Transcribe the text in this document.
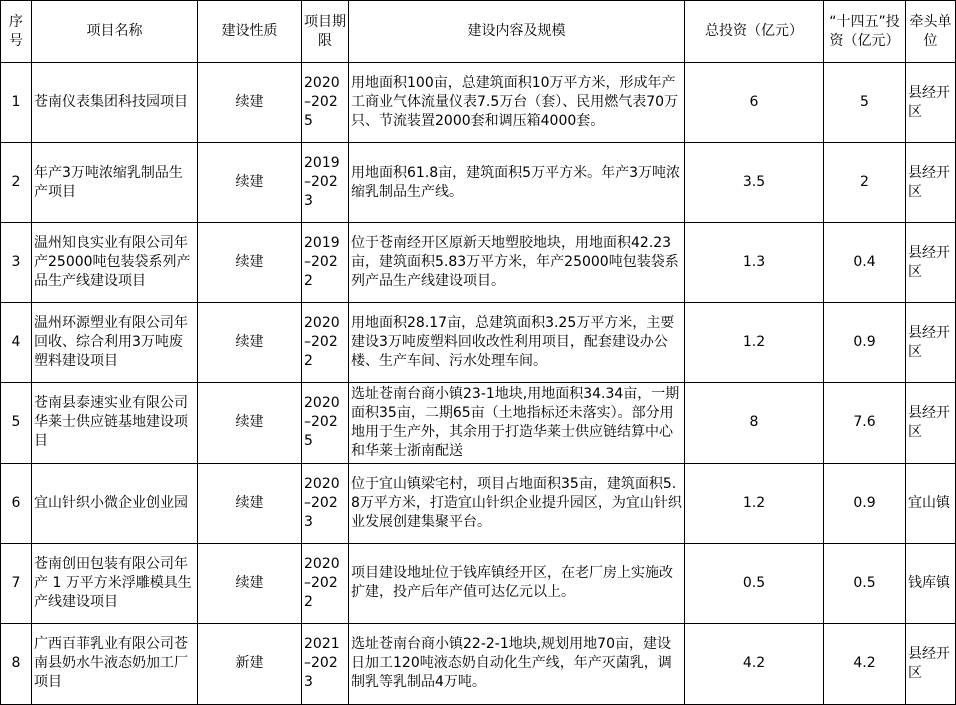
序号	项目名称	建设性质	项目期限	建设内容及规模	总投资（亿元）	“十四五”投资（亿元）	牵头单位
1	苍南仪表集团科技园项目	续建	2020–2025	用地面积100亩，总建筑面积10万平方米，形成年产工商业气体流量仪表7.5万台（套）、民用燃气表70万只、节流装置2000套和调压箱4000套。	6	5	县经开区
2	年产3万吨浓缩乳制品生产项目	续建	2019–2023	用地面积61.8亩，建筑面积5万平方米。年产3万吨浓缩乳制品生产线。	3.5	2	县经开区
3	温州知良实业有限公司年产25000吨包装袋系列产品生产线建设项目	续建	2019–2022	位于苍南经开区原新天地塑胶地块，用地面积42.23亩，建筑面积5.83万平方米，年产25000吨包装袋系列产品生产线建设项目。	1.3	0.4	县经开区
4	温州环源塑业有限公司年回收、综合利用3万吨废塑料建设项目	续建	2020–2022	用地面积28.17亩，总建筑面积3.25万平方米，主要建设3万吨废塑料回收改性利用项目，配套建设办公楼、生产车间、污水处理车间。	1.2	0.9	县经开区
5	苍南县泰速实业有限公司华莱士供应链基地建设项目	续建	2020–2025	选址苍南台商小镇23-1地块,用地面积34.34亩，一期面积35亩，二期65亩（土地指标还未落实）。部分用地用于生产外，其余用于打造华莱士供应链结算中心和华莱士浙南配送	8	7.6	县经开区
6	宜山针织小微企业创业园	续建	2020–2023	位于宜山镇梁宅村，项目占地面积35亩，建筑面积5.8万平方米，打造宜山针织企业提升园区，为宜山针织业发展创建集聚平台。	1.2	0.9	宜山镇
7	苍南创田包装有限公司年产 1 万平方米浮雕模具生产线建设项目	续建	2020–2022	项目建设地址位于钱库镇经开区，在老厂房上实施改扩建，投产后年产值可达亿元以上。	0.5	0.5	钱库镇
8	广西百菲乳业有限公司苍南县奶水牛液态奶加工厂项目	新建	2021–2023	选址苍南台商小镇22-2-1地块,规划用地70亩，建设日加工120吨液态奶自动化生产线，年产灭菌乳，调制乳等乳制品4万吨。	4.2	4.2	县经开区
